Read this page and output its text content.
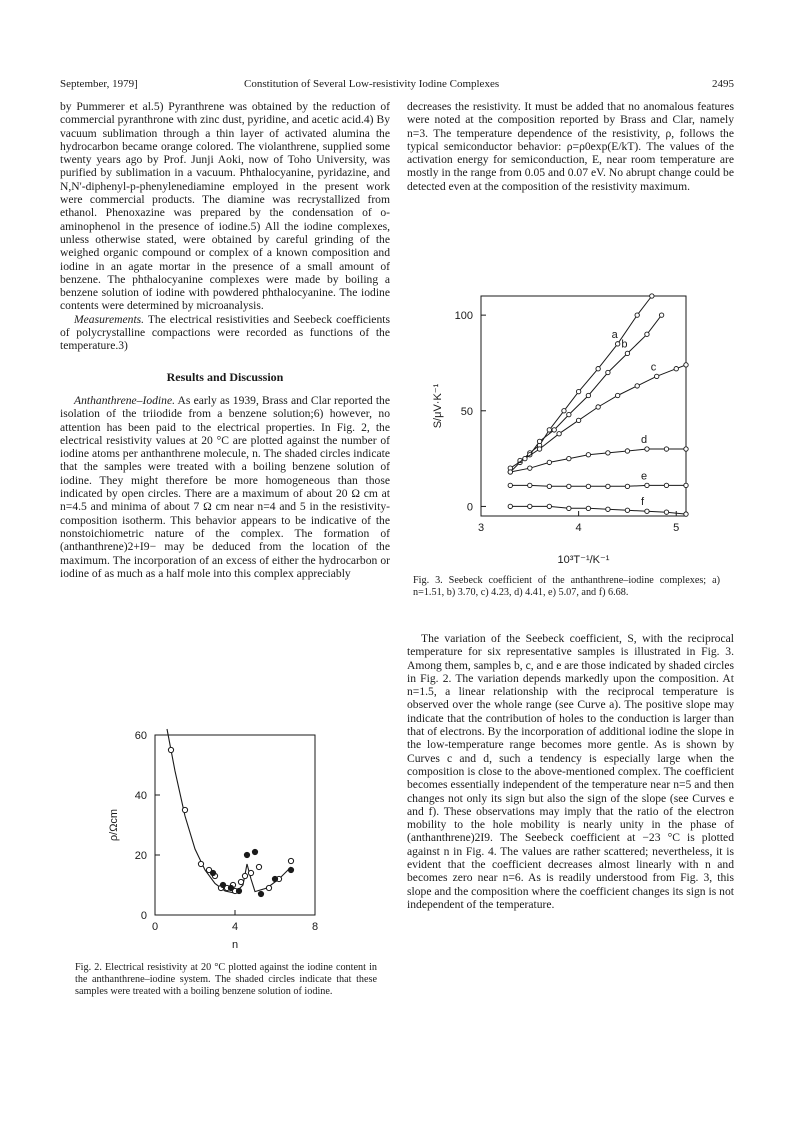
September, 1979]	Constitution of Several Low-resistivity Iodine Complexes	2495

by Pummerer et al.5) Pyranthrene was obtained by the reduction of commercial pyranthrone with zinc dust, pyridine, and acetic acid.4) By vacuum sublimation through a thin layer of activated alumina the hydrocarbon became orange colored. The violanthrene, supplied some twenty years ago by Prof. Junji Aoki, now of Toho University, was purified by sublimation in a vacuum. Phthalocyanine, pyridazine, and N,N'-diphenyl-p-phenylenediamine employed in the present work were commercial products. The diamine was recrystallized from ethanol. Phenoxazine was prepared by the condensation of o-aminophenol in the presence of iodine.5) All the iodine complexes, unless otherwise stated, were obtained by careful grinding of the weighed organic compound or complex of a known composition and iodine in an agate mortar in the presence of a small amount of benzene. The phthalocyanine complexes were made by boiling a benzene solution of iodine with powdered phthalocyanine. The iodine contents were determined by microanalysis.

Measurements. The electrical resistivities and Seebeck coefficients of polycrystalline compactions were recorded as functions of the temperature.3)

Results and Discussion

Anthanthrene–Iodine. As early as 1939, Brass and Clar reported the isolation of the triiodide from a benzene solution;6) however, no attention has been paid to the electrical properties. In Fig. 2, the electrical resistivity values at 20 °C are plotted against the number of iodine atoms per anthanthrene molecule, n. The shaded circles indicate that the samples were treated with a boiling benzene solution of iodine. They might therefore be more homogeneous than those indicated by open circles. There are a maximum of about 20 Ω cm at n=4.5 and minima of about 7 Ω cm near n=4 and 5 in the resistivity-composition isotherm. This behavior appears to be indicative of the nonstoichiometric nature of the complex. The formation of (anthanthrene)2+I9− may be deduced from the location of the maximum. The incorporation of an excess of either the hydrocarbon or iodine of as much as a half mole into this complex appreciably

decreases the resistivity. It must be added that no anomalous features were noted at the composition reported by Brass and Clar, namely n=3. The temperature dependence of the resistivity, ρ, follows the typical semiconductor behavior: ρ=ρ0exp(E/kT). The values of the activation energy for semiconduction, E, near room temperature are mostly in the range from 0.05 and 0.07 eV. No abrupt change could be detected even at the composition of the resistivity maximum.

The variation of the Seebeck coefficient, S, with the reciprocal temperature for six representative samples is illustrated in Fig. 3. Among them, samples b, c, and e are those indicated by shaded circles in Fig. 2. The variation depends markedly upon the composition. At n=1.5, a linear relationship with the reciprocal temperature is observed over the whole range (see Curve a). The positive slope may indicate that the contribution of holes to the conduction is larger than that of electrons. By the incorporation of additional iodine the slope in the low-temperature range becomes more gentle. As is shown by Curves c and d, such a tendency is especially large when the composition is close to the above-mentioned complex. The coefficient becomes essentially independent of the temperature near n=5 and then changes not only its sign but also the sign of the slope (see Curves e and f). These observations may imply that the ratio of the electron mobility to the hole mobility is nearly unity in the phase of (anthanthrene)2I9. The Seebeck coefficient at −23 °C is plotted against n in Fig. 4. The values are rather scattered; nevertheless, it is evident that the coefficient decreases almost linearly with n and becomes zero near n=6. As is readily understood from Fig. 3, this slope and the composition where the coefficient changes its sign is not independent of the temperature.

0	4	8
0
20
40
60
n
ρ/Ωcm
3	4	5
0
50
100
10³T⁻¹/K⁻¹
S/μV·K⁻¹
a
b
c
d
e
f
Fig. 2. Electrical resistivity at 20 °C plotted against the iodine content in the anthanthrene–iodine system. The shaded circles indicate that these samples were treated with a boiling benzene solution of iodine.
Fig. 3. Seebeck coefficient of the anthanthrene–iodine complexes; a) n=1.51, b) 3.70, c) 4.23, d) 4.41, e) 5.07, and f) 6.68.
